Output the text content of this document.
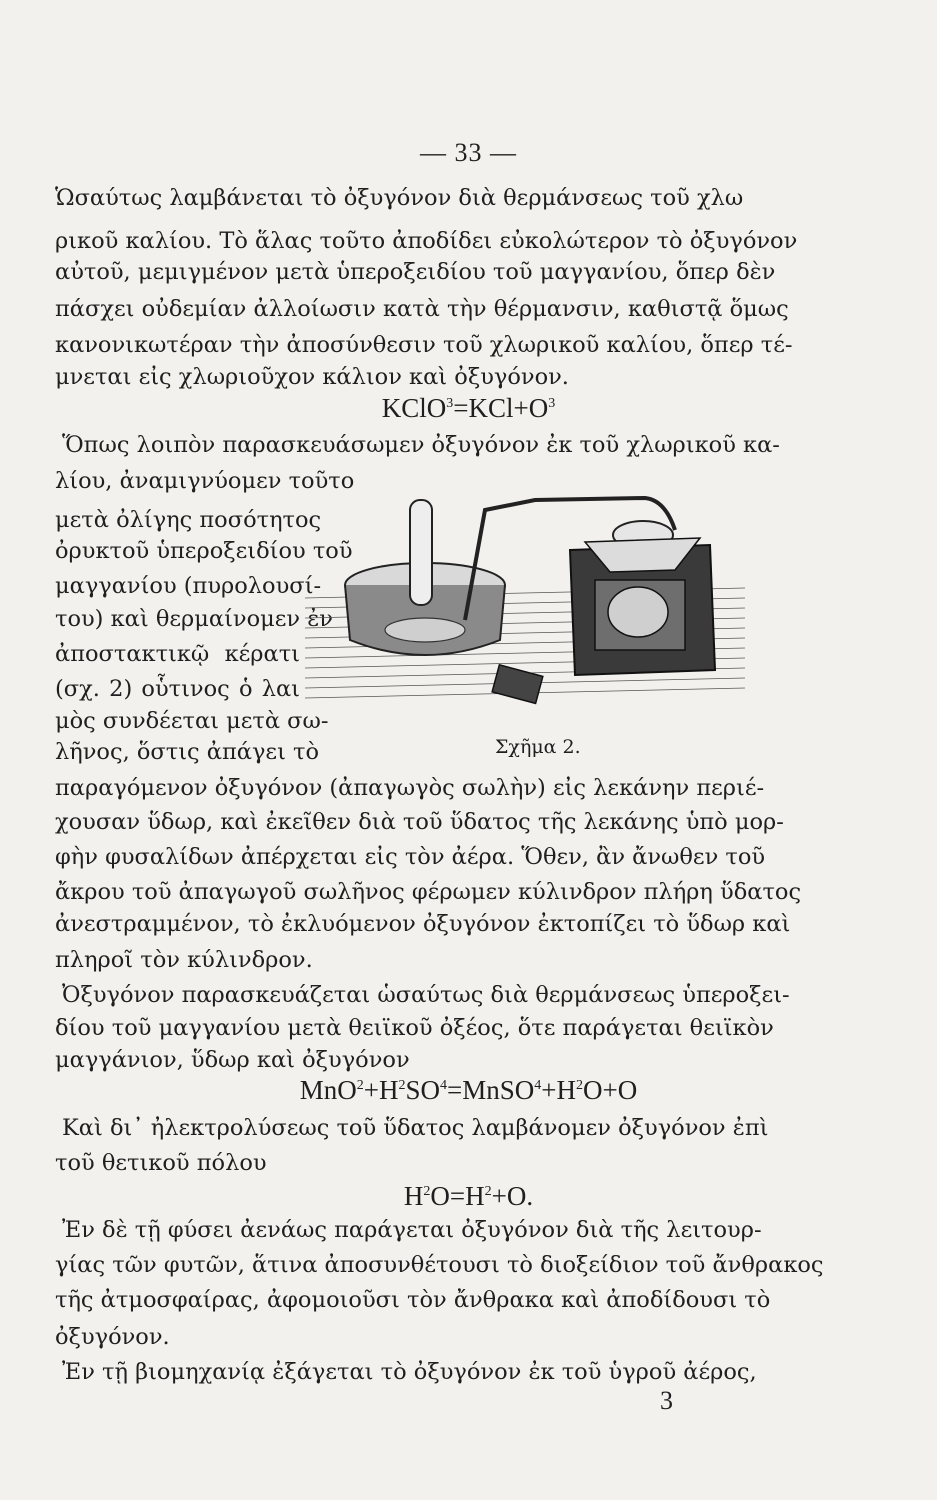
— 33 —
Ὡσαύτως λαμβάνεται τὸ ὀξυγόνον διὰ θερμάνσεως τοῦ χλω
ρικοῦ καλίου. Τὸ ἅλας τοῦτο ἀποδίδει εὐκολώτερον τὸ ὀξυγόνον
αὐτοῦ, μεμιγμένον μετὰ ὑπεροξειδίου τοῦ μαγγανίου, ὅπερ δὲν
πάσχει οὐδεμίαν ἀλλοίωσιν κατὰ τὴν θέρμανσιν, καθιστᾷ ὅμως
κανονικωτέραν τὴν ἀποσύνθεσιν τοῦ χλωρικοῦ καλίου, ὅπερ τέ-
μνεται εἰς χλωριοῦχον κάλιον καὶ ὀξυγόνον.
$KClO^3=KCl+O^3$
Ὅπως λοιπὸν παρασκευάσωμεν ὀξυγόνον ἐκ τοῦ χλωρικοῦ κα-
λίου, ἀναμιγνύομεν τοῦτο
μετὰ ὀλίγης ποσότητος
ὀρυκτοῦ ὑπεροξειδίου τοῦ
μαγγανίου (πυρολουσί-
του) καὶ θερμαίνομεν ἐν
ἀποστακτικῷ κέρατι
(σχ. 2) οὗτινος ὁ λαι
μὸς συνδέεται μετὰ σω-
λῆνος, ὅστις ἀπάγει τὸ	Σχῆμα 2.
παραγόμενον ὀξυγόνον (ἀπαγωγὸς σωλὴν) εἰς λεκάνην περιέ-
χουσαν ὕδωρ, καὶ ἐκεῖθεν διὰ τοῦ ὕδατος τῆς λεκάνης ὑπὸ μορ-
φὴν φυσαλίδων ἀπέρχεται εἰς τὸν ἀέρα. Ὅθεν, ἂν ἄνωθεν τοῦ
ἄκρου τοῦ ἀπαγωγοῦ σωλῆνος φέρωμεν κύλινδρον πλήρη ὕδατος
ἀνεστραμμένον, τὸ ἐκλυόμενον ὀξυγόνον ἐκτοπίζει τὸ ὕδωρ καὶ
πληροῖ τὸν κύλινδρον.
Ὀξυγόνον παρασκευάζεται ὡσαύτως διὰ θερμάνσεως ὑπεροξει-
δίου τοῦ μαγγανίου μετὰ θειϊκοῦ ὀξέος, ὅτε παράγεται θειϊκὸν
μαγγάνιον, ὕδωρ καὶ ὀξυγόνον
$MnO^2+H^2SO^4=MnSO^4+H^2O+O$
Καὶ δι᾽ ἠλεκτρολύσεως τοῦ ὕδατος λαμβάνομεν ὀξυγόνον ἐπὶ
τοῦ θετικοῦ πόλου
$H^2O=H^2+O$.
Ἐν δὲ τῇ φύσει ἀενάως παράγεται ὀξυγόνον διὰ τῆς λειτουρ-
γίας τῶν φυτῶν, ἅτινα ἀποσυνθέτουσι τὸ διοξείδιον τοῦ ἄνθρακος
τῆς ἀτμοσφαίρας, ἀφομοιοῦσι τὸν ἄνθρακα καὶ ἀποδίδουσι τὸ
ὀξυγόνον.
Ἐν τῇ βιομηχανίᾳ ἐξάγεται τὸ ὀξυγόνον ἐκ τοῦ ὑγροῦ ἀέρος,
3
